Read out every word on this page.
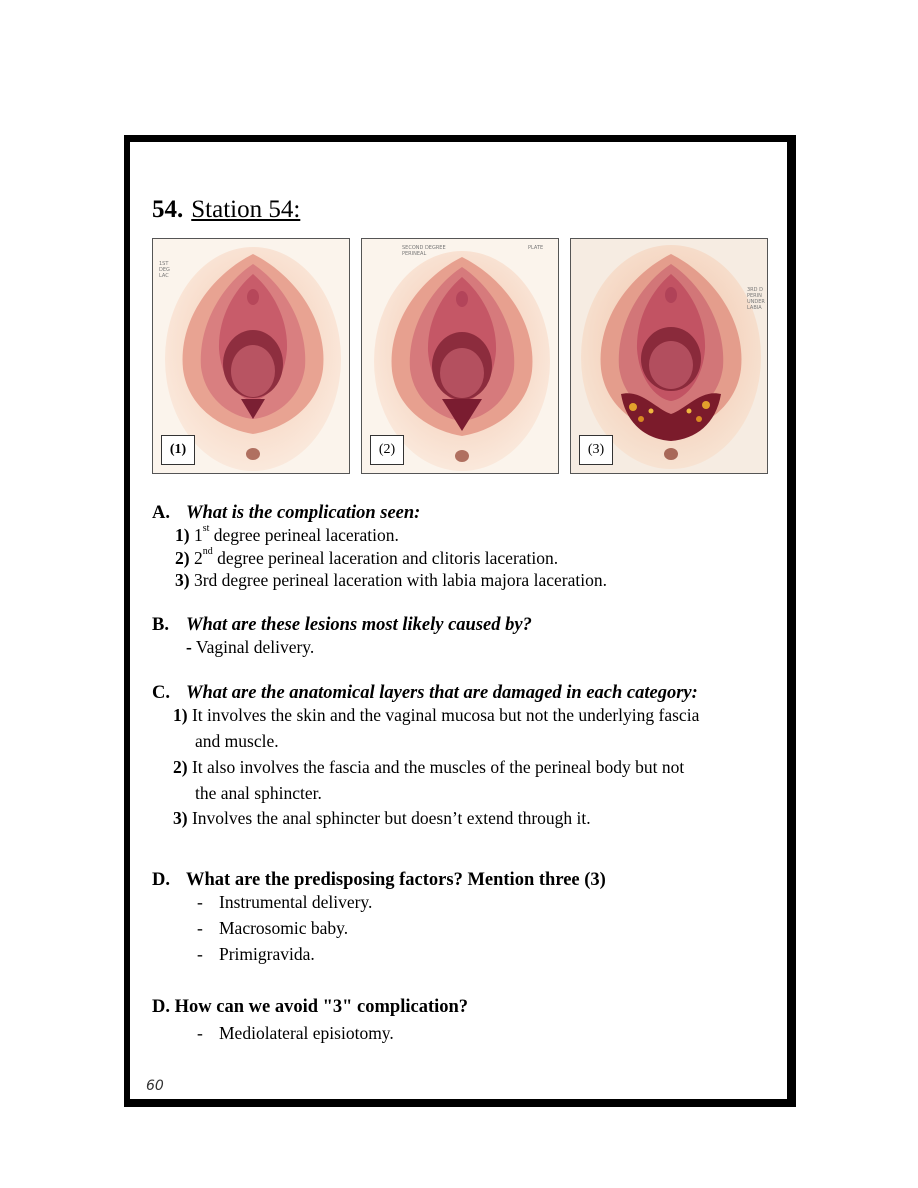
54. Station 54:
1ST
DEG
LAC
(1)
SECOND DEGREE
PERINEAL
PLATE
(2)
3RD
PERIN
UNDER
LABIA
(3)
A. What is the complication seen:
1) 1st degree perineal laceration.
2) 2nd degree perineal laceration and clitoris laceration.
3) 3rd degree perineal laceration with labia majora laceration.
B. What are these lesions most likely caused by?
- Vaginal delivery.
C. What are the anatomical layers that are damaged in each category:
1) It involves the skin and the vaginal mucosa but not the underlying fascia
and muscle.
2) It also involves the fascia and the muscles of the perineal body but not
the anal sphincter.
3) Involves the anal sphincter but doesn’t extend through it.
D. What are the predisposing factors? Mention three (3)
- Instrumental delivery.
- Macrosomic baby.
- Primigravida.
D. How can we avoid "3" complication?
- Mediolateral episiotomy.
60
